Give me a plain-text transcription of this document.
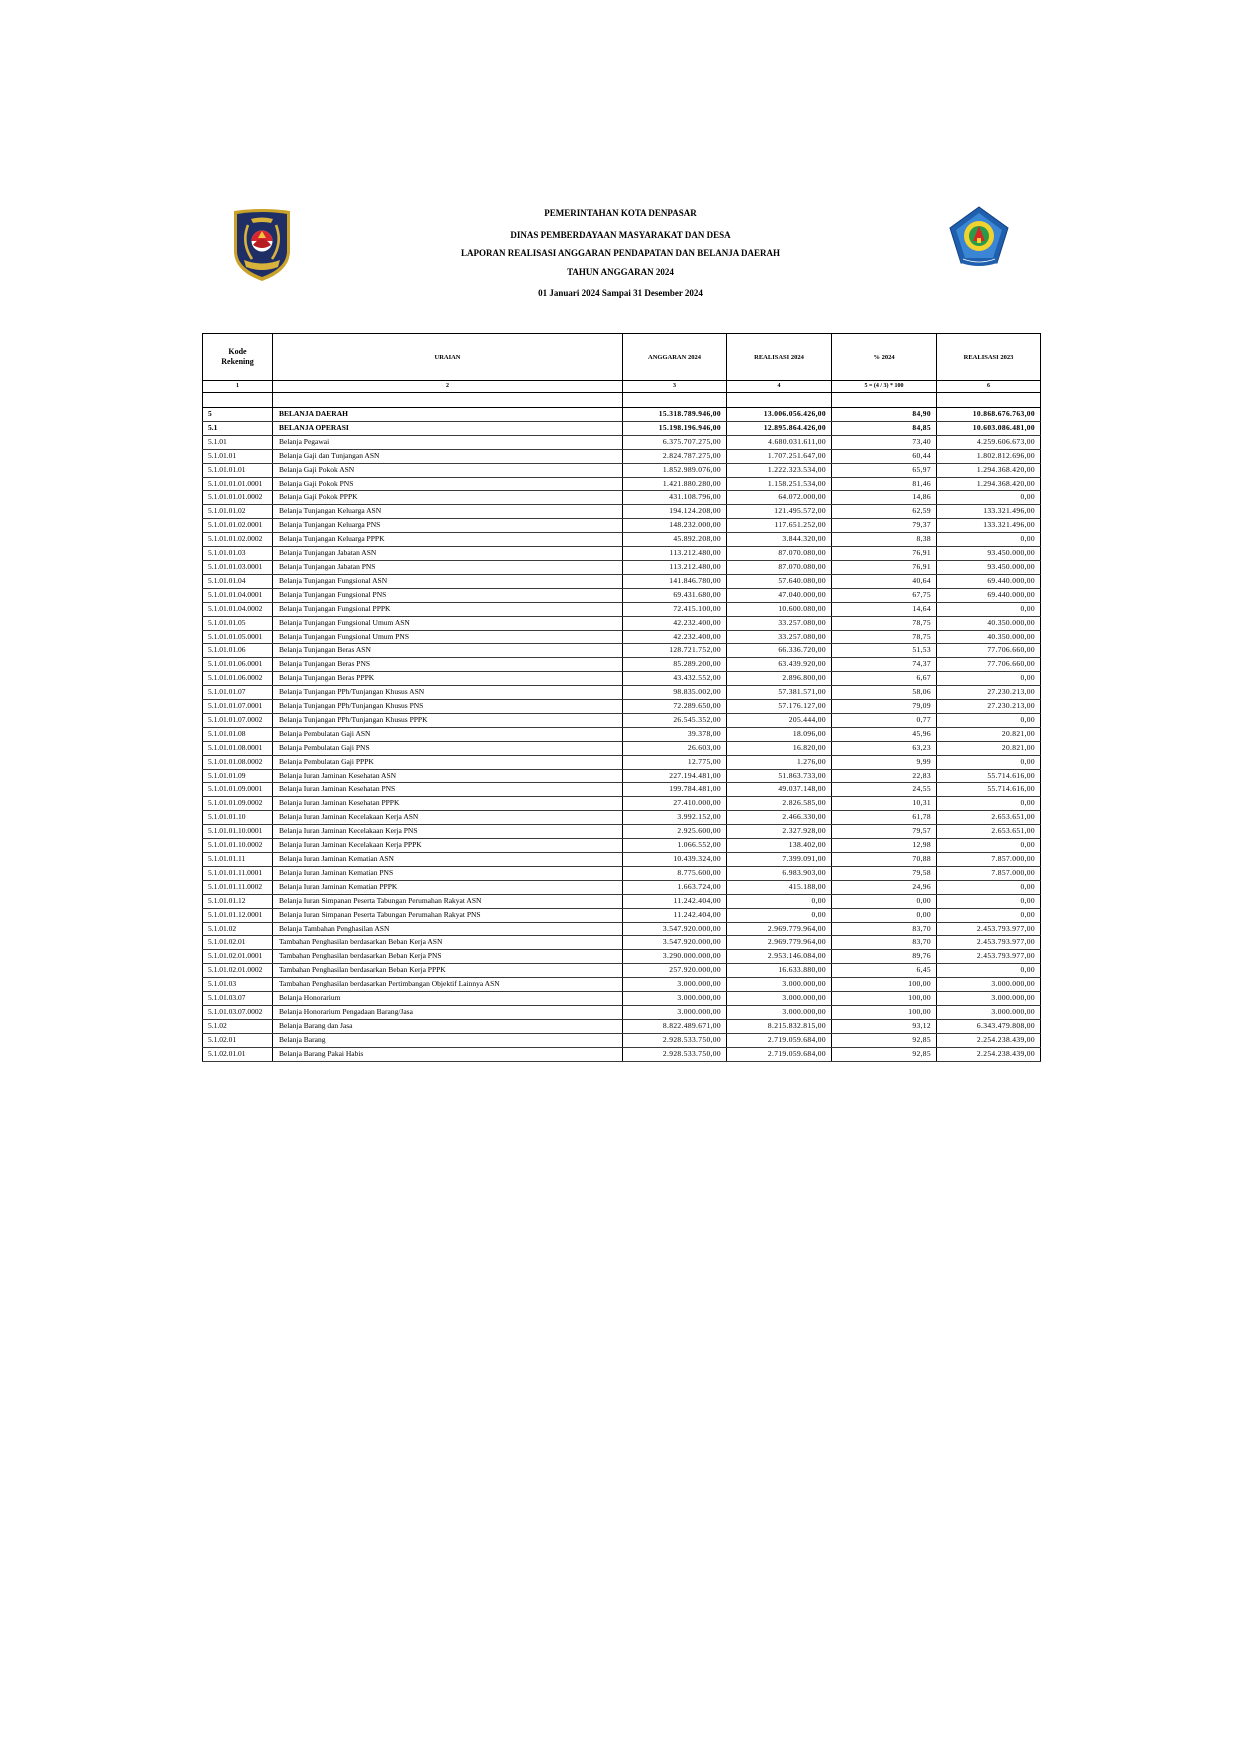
PEMERINTAHAN KOTA DENPASAR
DINAS PEMBERDAYAAN MASYARAKAT DAN DESA
LAPORAN REALISASI ANGGARAN PENDAPATAN DAN BELANJA DAERAH
TAHUN ANGGARAN 2024
01 Januari 2024 Sampai 31 Desember 2024
Kode Rekening	URAIAN	ANGGARAN 2024	REALISASI 2024	% 2024	REALISASI 2023
1	2	3	4	5 = (4 / 3) * 100	6

5	BELANJA DAERAH	15.318.789.946,00	13.006.056.426,00	84,90	10.868.676.763,00
5.1	BELANJA OPERASI	15.198.196.946,00	12.895.864.426,00	84,85	10.603.086.481,00
5.1.01	Belanja Pegawai	6.375.707.275,00	4.680.031.611,00	73,40	4.259.606.673,00
5.1.01.01	Belanja Gaji dan Tunjangan ASN	2.824.787.275,00	1.707.251.647,00	60,44	1.802.812.696,00
5.1.01.01.01	Belanja Gaji Pokok ASN	1.852.989.076,00	1.222.323.534,00	65,97	1.294.368.420,00
5.1.01.01.01.0001	Belanja Gaji Pokok PNS	1.421.880.280,00	1.158.251.534,00	81,46	1.294.368.420,00
5.1.01.01.01.0002	Belanja Gaji Pokok PPPK	431.108.796,00	64.072.000,00	14,86	0,00
5.1.01.01.02	Belanja Tunjangan Keluarga ASN	194.124.208,00	121.495.572,00	62,59	133.321.496,00
5.1.01.01.02.0001	Belanja Tunjangan Keluarga PNS	148.232.000,00	117.651.252,00	79,37	133.321.496,00
5.1.01.01.02.0002	Belanja Tunjangan Keluarga PPPK	45.892.208,00	3.844.320,00	8,38	0,00
5.1.01.01.03	Belanja Tunjangan Jabatan ASN	113.212.480,00	87.070.080,00	76,91	93.450.000,00
5.1.01.01.03.0001	Belanja Tunjangan Jabatan PNS	113.212.480,00	87.070.080,00	76,91	93.450.000,00
5.1.01.01.04	Belanja Tunjangan Fungsional ASN	141.846.780,00	57.640.080,00	40,64	69.440.000,00
5.1.01.01.04.0001	Belanja Tunjangan Fungsional PNS	69.431.680,00	47.040.000,00	67,75	69.440.000,00
5.1.01.01.04.0002	Belanja Tunjangan Fungsional PPPK	72.415.100,00	10.600.080,00	14,64	0,00
5.1.01.01.05	Belanja Tunjangan Fungsional Umum ASN	42.232.400,00	33.257.080,00	78,75	40.350.000,00
5.1.01.01.05.0001	Belanja Tunjangan Fungsional Umum PNS	42.232.400,00	33.257.080,00	78,75	40.350.000,00
5.1.01.01.06	Belanja Tunjangan Beras ASN	128.721.752,00	66.336.720,00	51,53	77.706.660,00
5.1.01.01.06.0001	Belanja Tunjangan Beras PNS	85.289.200,00	63.439.920,00	74,37	77.706.660,00
5.1.01.01.06.0002	Belanja Tunjangan Beras PPPK	43.432.552,00	2.896.800,00	6,67	0,00
5.1.01.01.07	Belanja Tunjangan PPh/Tunjangan Khusus ASN	98.835.002,00	57.381.571,00	58,06	27.230.213,00
5.1.01.01.07.0001	Belanja Tunjangan PPh/Tunjangan Khusus PNS	72.289.650,00	57.176.127,00	79,09	27.230.213,00
5.1.01.01.07.0002	Belanja Tunjangan PPh/Tunjangan Khusus PPPK	26.545.352,00	205.444,00	0,77	0,00
5.1.01.01.08	Belanja Pembulatan Gaji ASN	39.378,00	18.096,00	45,96	20.821,00
5.1.01.01.08.0001	Belanja Pembulatan Gaji PNS	26.603,00	16.820,00	63,23	20.821,00
5.1.01.01.08.0002	Belanja Pembulatan Gaji PPPK	12.775,00	1.276,00	9,99	0,00
5.1.01.01.09	Belanja Iuran Jaminan Kesehatan ASN	227.194.481,00	51.863.733,00	22,83	55.714.616,00
5.1.01.01.09.0001	Belanja Iuran Jaminan Kesehatan PNS	199.784.481,00	49.037.148,00	24,55	55.714.616,00
5.1.01.01.09.0002	Belanja Iuran Jaminan Kesehatan PPPK	27.410.000,00	2.826.585,00	10,31	0,00
5.1.01.01.10	Belanja Iuran Jaminan Kecelakaan Kerja ASN	3.992.152,00	2.466.330,00	61,78	2.653.651,00
5.1.01.01.10.0001	Belanja Iuran Jaminan Kecelakaan Kerja PNS	2.925.600,00	2.327.928,00	79,57	2.653.651,00
5.1.01.01.10.0002	Belanja Iuran Jaminan Kecelakaan Kerja PPPK	1.066.552,00	138.402,00	12,98	0,00
5.1.01.01.11	Belanja Iuran Jaminan Kematian ASN	10.439.324,00	7.399.091,00	70,88	7.857.000,00
5.1.01.01.11.0001	Belanja Iuran Jaminan Kematian PNS	8.775.600,00	6.983.903,00	79,58	7.857.000,00
5.1.01.01.11.0002	Belanja Iuran Jaminan Kematian PPPK	1.663.724,00	415.188,00	24,96	0,00
5.1.01.01.12	Belanja Iuran Simpanan Peserta Tabungan Perumahan Rakyat ASN	11.242.404,00	0,00	0,00	0,00
5.1.01.01.12.0001	Belanja Iuran Simpanan Peserta Tabungan Perumahan Rakyat PNS	11.242.404,00	0,00	0,00	0,00
5.1.01.02	Belanja Tambahan Penghasilan ASN	3.547.920.000,00	2.969.779.964,00	83,70	2.453.793.977,00
5.1.01.02.01	Tambahan Penghasilan berdasarkan Beban Kerja ASN	3.547.920.000,00	2.969.779.964,00	83,70	2.453.793.977,00
5.1.01.02.01.0001	Tambahan Penghasilan berdasarkan Beban Kerja PNS	3.290.000.000,00	2.953.146.084,00	89,76	2.453.793.977,00
5.1.01.02.01.0002	Tambahan Penghasilan berdasarkan Beban Kerja PPPK	257.920.000,00	16.633.880,00	6,45	0,00
5.1.01.03	Tambahan Penghasilan berdasarkan Pertimbangan Objektif Lainnya ASN	3.000.000,00	3.000.000,00	100,00	3.000.000,00
5.1.01.03.07	Belanja Honorarium	3.000.000,00	3.000.000,00	100,00	3.000.000,00
5.1.01.03.07.0002	Belanja Honorarium Pengadaan Barang/Jasa	3.000.000,00	3.000.000,00	100,00	3.000.000,00
5.1.02	Belanja Barang dan Jasa	8.822.489.671,00	8.215.832.815,00	93,12	6.343.479.808,00
5.1.02.01	Belanja Barang	2.928.533.750,00	2.719.059.684,00	92,85	2.254.238.439,00
5.1.02.01.01	Belanja Barang Pakai Habis	2.928.533.750,00	2.719.059.684,00	92,85	2.254.238.439,00
